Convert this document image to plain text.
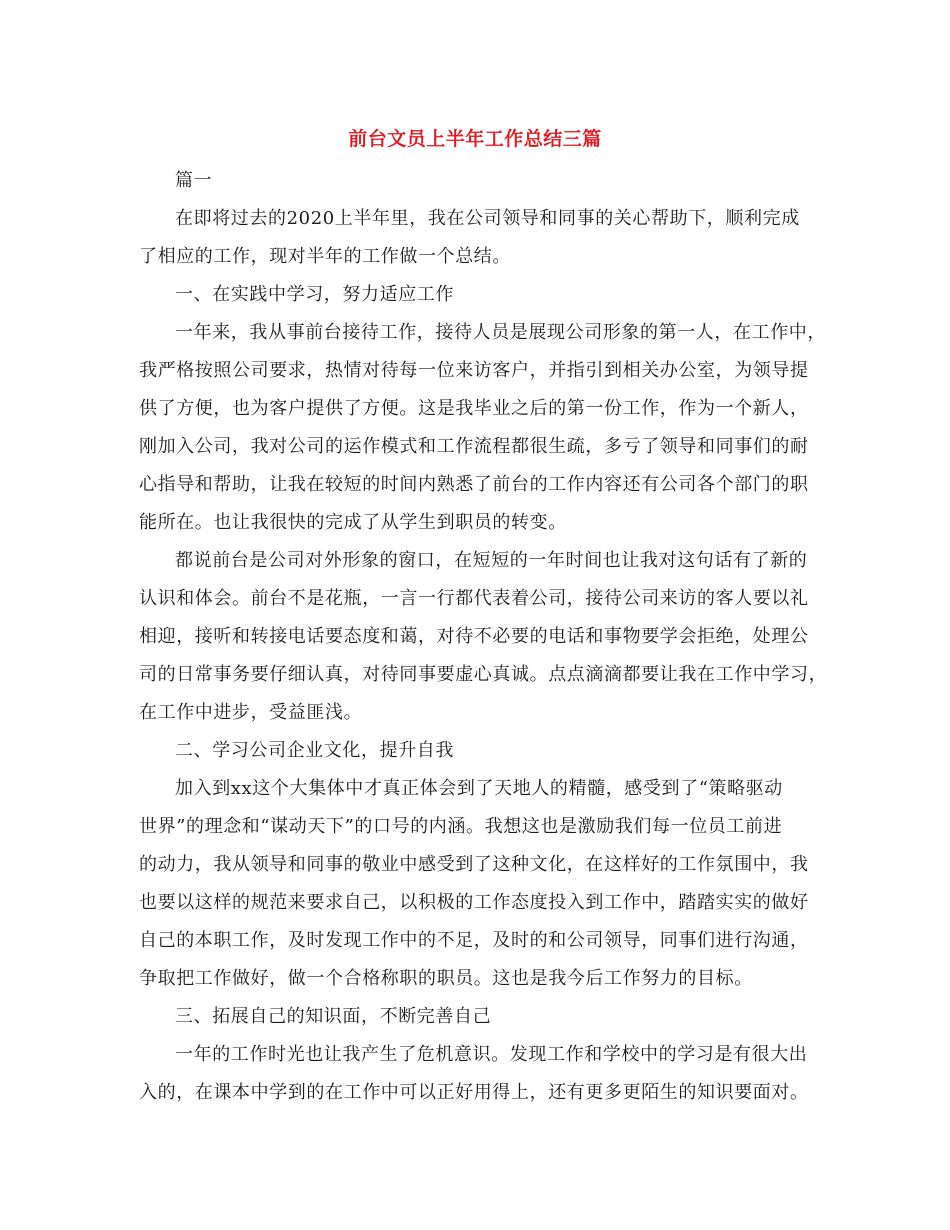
前台文员上半年工作总结三篇
篇一
在即将过去的2020上半年里，我在公司领导和同事的关心帮助下，顺利完成
了相应的工作，现对半年的工作做一个总结。
一、在实践中学习，努力适应工作
一年来，我从事前台接待工作，接待人员是展现公司形象的第一人，在工作中，
我严格按照公司要求，热情对待每一位来访客户，并指引到相关办公室，为领导提
供了方便，也为客户提供了方便。这是我毕业之后的第一份工作，作为一个新人，
刚加入公司，我对公司的运作模式和工作流程都很生疏，多亏了领导和同事们的耐
心指导和帮助，让我在较短的时间内熟悉了前台的工作内容还有公司各个部门的职
能所在。也让我很快的完成了从学生到职员的转变。
都说前台是公司对外形象的窗口，在短短的一年时间也让我对这句话有了新的
认识和体会。前台不是花瓶，一言一行都代表着公司，接待公司来访的客人要以礼
相迎，接听和转接电话要态度和蔼，对待不必要的电话和事物要学会拒绝，处理公
司的日常事务要仔细认真，对待同事要虚心真诚。点点滴滴都要让我在工作中学习，
在工作中进步，受益匪浅。
二、学习公司企业文化，提升自我
加入到xx这个大集体中才真正体会到了天地人的精髓，感受到了“策略驱动
世界”的理念和“谋动天下”的口号的内涵。我想这也是激励我们每一位员工前进
的动力，我从领导和同事的敬业中感受到了这种文化，在这样好的工作氛围中，我
也要以这样的规范来要求自己，以积极的工作态度投入到工作中，踏踏实实的做好
自己的本职工作，及时发现工作中的不足，及时的和公司领导，同事们进行沟通，
争取把工作做好，做一个合格称职的职员。这也是我今后工作努力的目标。
三、拓展自己的知识面，不断完善自己
一年的工作时光也让我产生了危机意识。发现工作和学校中的学习是有很大出
入的，在课本中学到的在工作中可以正好用得上，还有更多更陌生的知识要面对。
